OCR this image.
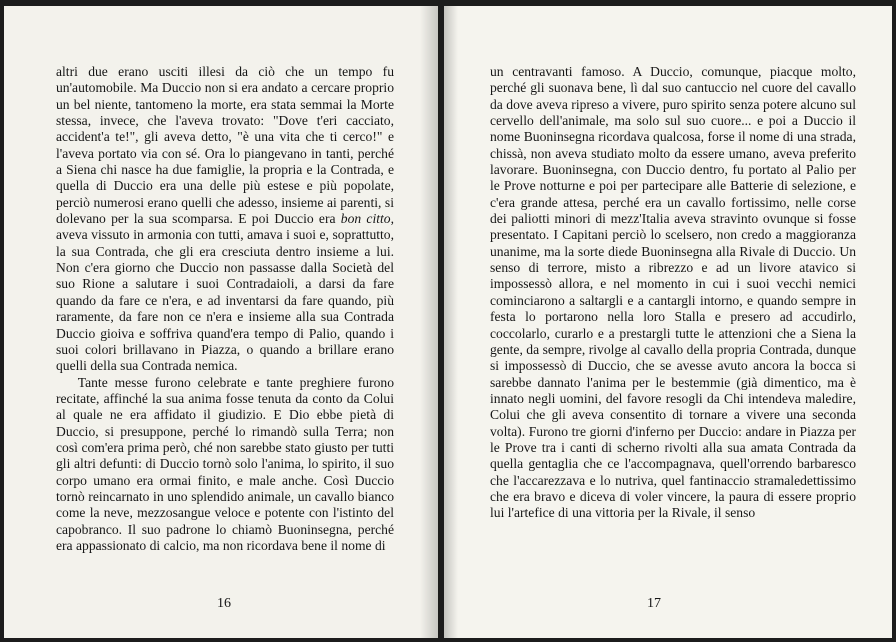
altri due erano usciti illesi da ciò che un tempo fu un'automobile. Ma Duccio non si era andato a cercare proprio un bel niente, tantomeno la morte, era stata semmai la Morte stessa, invece, che l'aveva trovato: "Dove t'eri cacciato, accident'a te!", gli aveva detto, "è una vita che ti cerco!" e l'aveva portato via con sé. Ora lo piangevano in tanti, perché a Siena chi nasce ha due famiglie, la propria e la Contrada, e quella di Duccio era una delle più estese e più popolate, perciò numerosi erano quelli che adesso, insieme ai parenti, si dolevano per la sua scomparsa. E poi Duccio era bon citto, aveva vissuto in armonia con tutti, amava i suoi e, soprattutto, la sua Contrada, che gli era cresciuta dentro insieme a lui. Non c'era giorno che Duccio non passasse dalla Società del suo Rione a salutare i suoi Contradaioli, a darsi da fare quando da fare ce n'era, e ad inventarsi da fare quando, più raramente, da fare non ce n'era e insieme alla sua Contrada Duccio gioiva e soffriva quand'era tempo di Palio, quando i suoi colori brillavano in Piazza, o quando a brillare erano quelli della sua Contrada nemica.

Tante messe furono celebrate e tante preghiere furono recitate, affinché la sua anima fosse tenuta da conto da Colui al quale ne era affidato il giudizio. E Dio ebbe pietà di Duccio, si presuppone, perché lo rimandò sulla Terra; non così com'era prima però, ché non sarebbe stato giusto per tutti gli altri defunti: di Duccio tornò solo l'anima, lo spirito, il suo corpo umano era ormai finito, e male anche. Così Duccio tornò reincarnato in uno splendido animale, un cavallo bianco come la neve, mezzosangue veloce e potente con l'istinto del capobranco. Il suo padrone lo chiamò Buoninsegna, perché era appassionato di calcio, ma non ricordava bene il nome di

16

un centravanti famoso. A Duccio, comunque, piacque molto, perché gli suonava bene, lì dal suo cantuccio nel cuore del cavallo da dove aveva ripreso a vivere, puro spirito senza potere alcuno sul cervello dell'animale, ma solo sul suo cuore... e poi a Duccio il nome Buoninsegna ricordava qualcosa, forse il nome di una strada, chissà, non aveva studiato molto da essere umano, aveva preferito lavorare. Buoninsegna, con Duccio dentro, fu portato al Palio per le Prove notturne e poi per partecipare alle Batterie di selezione, e c'era grande attesa, perché era un cavallo fortissimo, nelle corse dei paliotti minori di mezz'Italia aveva stravinto ovunque si fosse presentato. I Capitani perciò lo scelsero, non credo a maggioranza unanime, ma la sorte diede Buoninsegna alla Rivale di Duccio. Un senso di terrore, misto a ribrezzo e ad un livore atavico si impossessò allora, e nel momento in cui i suoi vecchi nemici cominciarono a saltargli e a cantargli intorno, e quando sempre in festa lo portarono nella loro Stalla e presero ad accudirlo, coccolarlo, curarlo e a prestargli tutte le attenzioni che a Siena la gente, da sempre, rivolge al cavallo della propria Contrada, dunque si impossessò di Duccio, che se avesse avuto ancora la bocca si sarebbe dannato l'anima per le bestemmie (già dimentico, ma è innato negli uomini, del favore resogli da Chi intendeva maledire, Colui che gli aveva consentito di tornare a vivere una seconda volta). Furono tre giorni d'inferno per Duccio: andare in Piazza per le Prove tra i canti di scherno rivolti alla sua amata Contrada da quella gentaglia che ce l'accompagnava, quell'orrendo barbaresco che l'accarezzava e lo nutriva, quel fantinaccio stramaledettissimo che era bravo e diceva di voler vincere, la paura di essere proprio lui l'artefice di una vittoria per la Rivale, il senso

17
